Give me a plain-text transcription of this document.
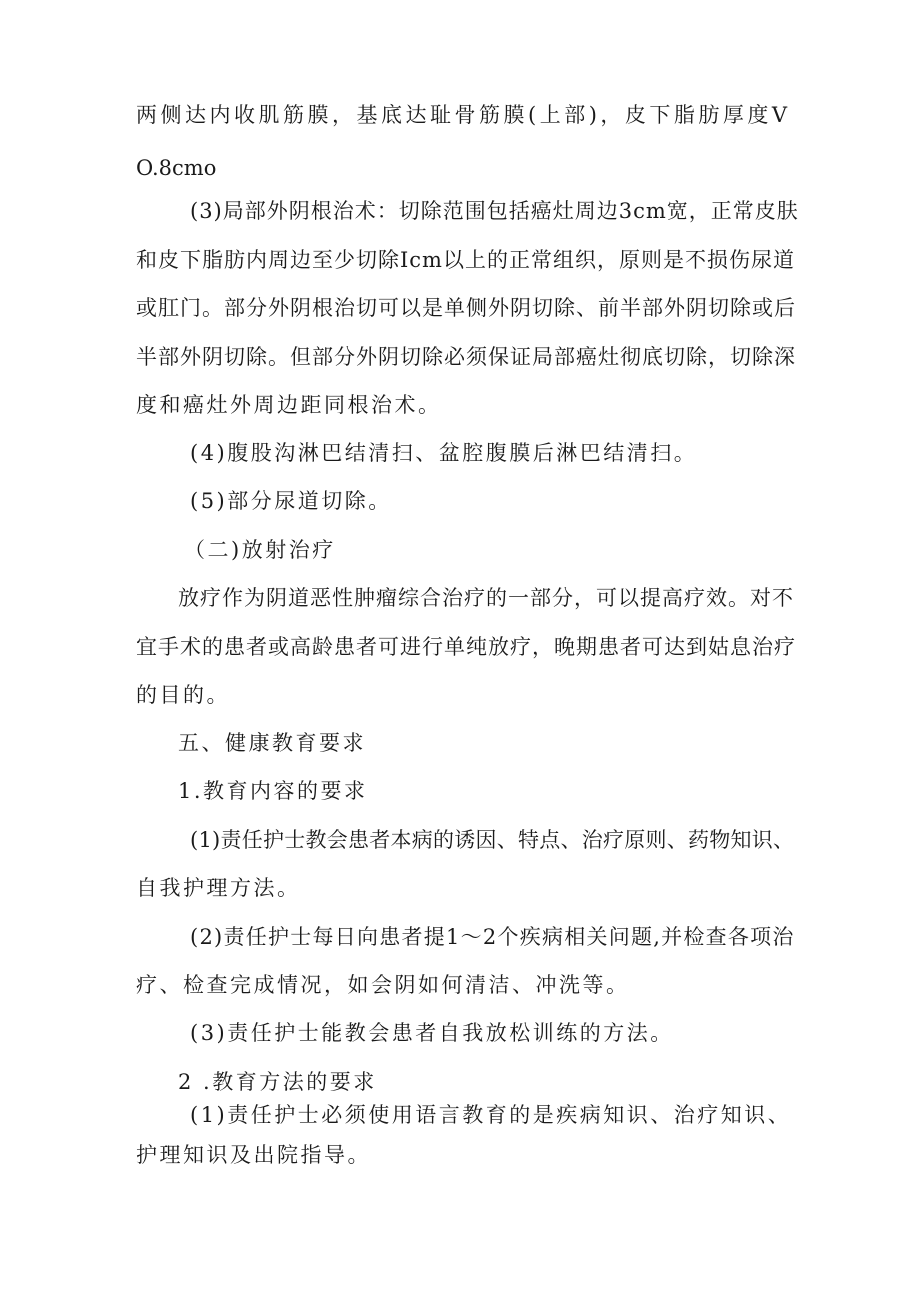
两侧达内收肌筋膜，基底达耻骨筋膜(上部)，皮下脂肪厚度V
O.8cmo
(3)局部外阴根治术：切除范围包括癌灶周边3cm宽，正常皮肤
和皮下脂肪内周边至少切除Icm以上的正常组织，原则是不损伤尿道
或肛门。部分外阴根治切可以是单侧外阴切除、前半部外阴切除或后
半部外阴切除。但部分外阴切除必须保证局部癌灶彻底切除，切除深
度和癌灶外周边距同根治术。
(4)腹股沟淋巴结清扫、盆腔腹膜后淋巴结清扫。
(5)部分尿道切除。
（二)放射治疗
放疗作为阴道恶性肿瘤综合治疗的一部分，可以提高疗效。对不
宜手术的患者或高龄患者可进行单纯放疗，晚期患者可达到姑息治疗
的目的。
五、健康教育要求
1.教育内容的要求
(1)责任护士教会患者本病的诱因、特点、治疗原则、药物知识、
自我护理方法。
(2)责任护士每日向患者提1～2个疾病相关问题,并检查各项治
疗、检查完成情况，如会阴如何清洁、冲洗等。
(3)责任护士能教会患者自我放松训练的方法。
2 .教育方法的要求
(1)责任护士必须使用语言教育的是疾病知识、治疗知识、
护理知识及出院指导。
